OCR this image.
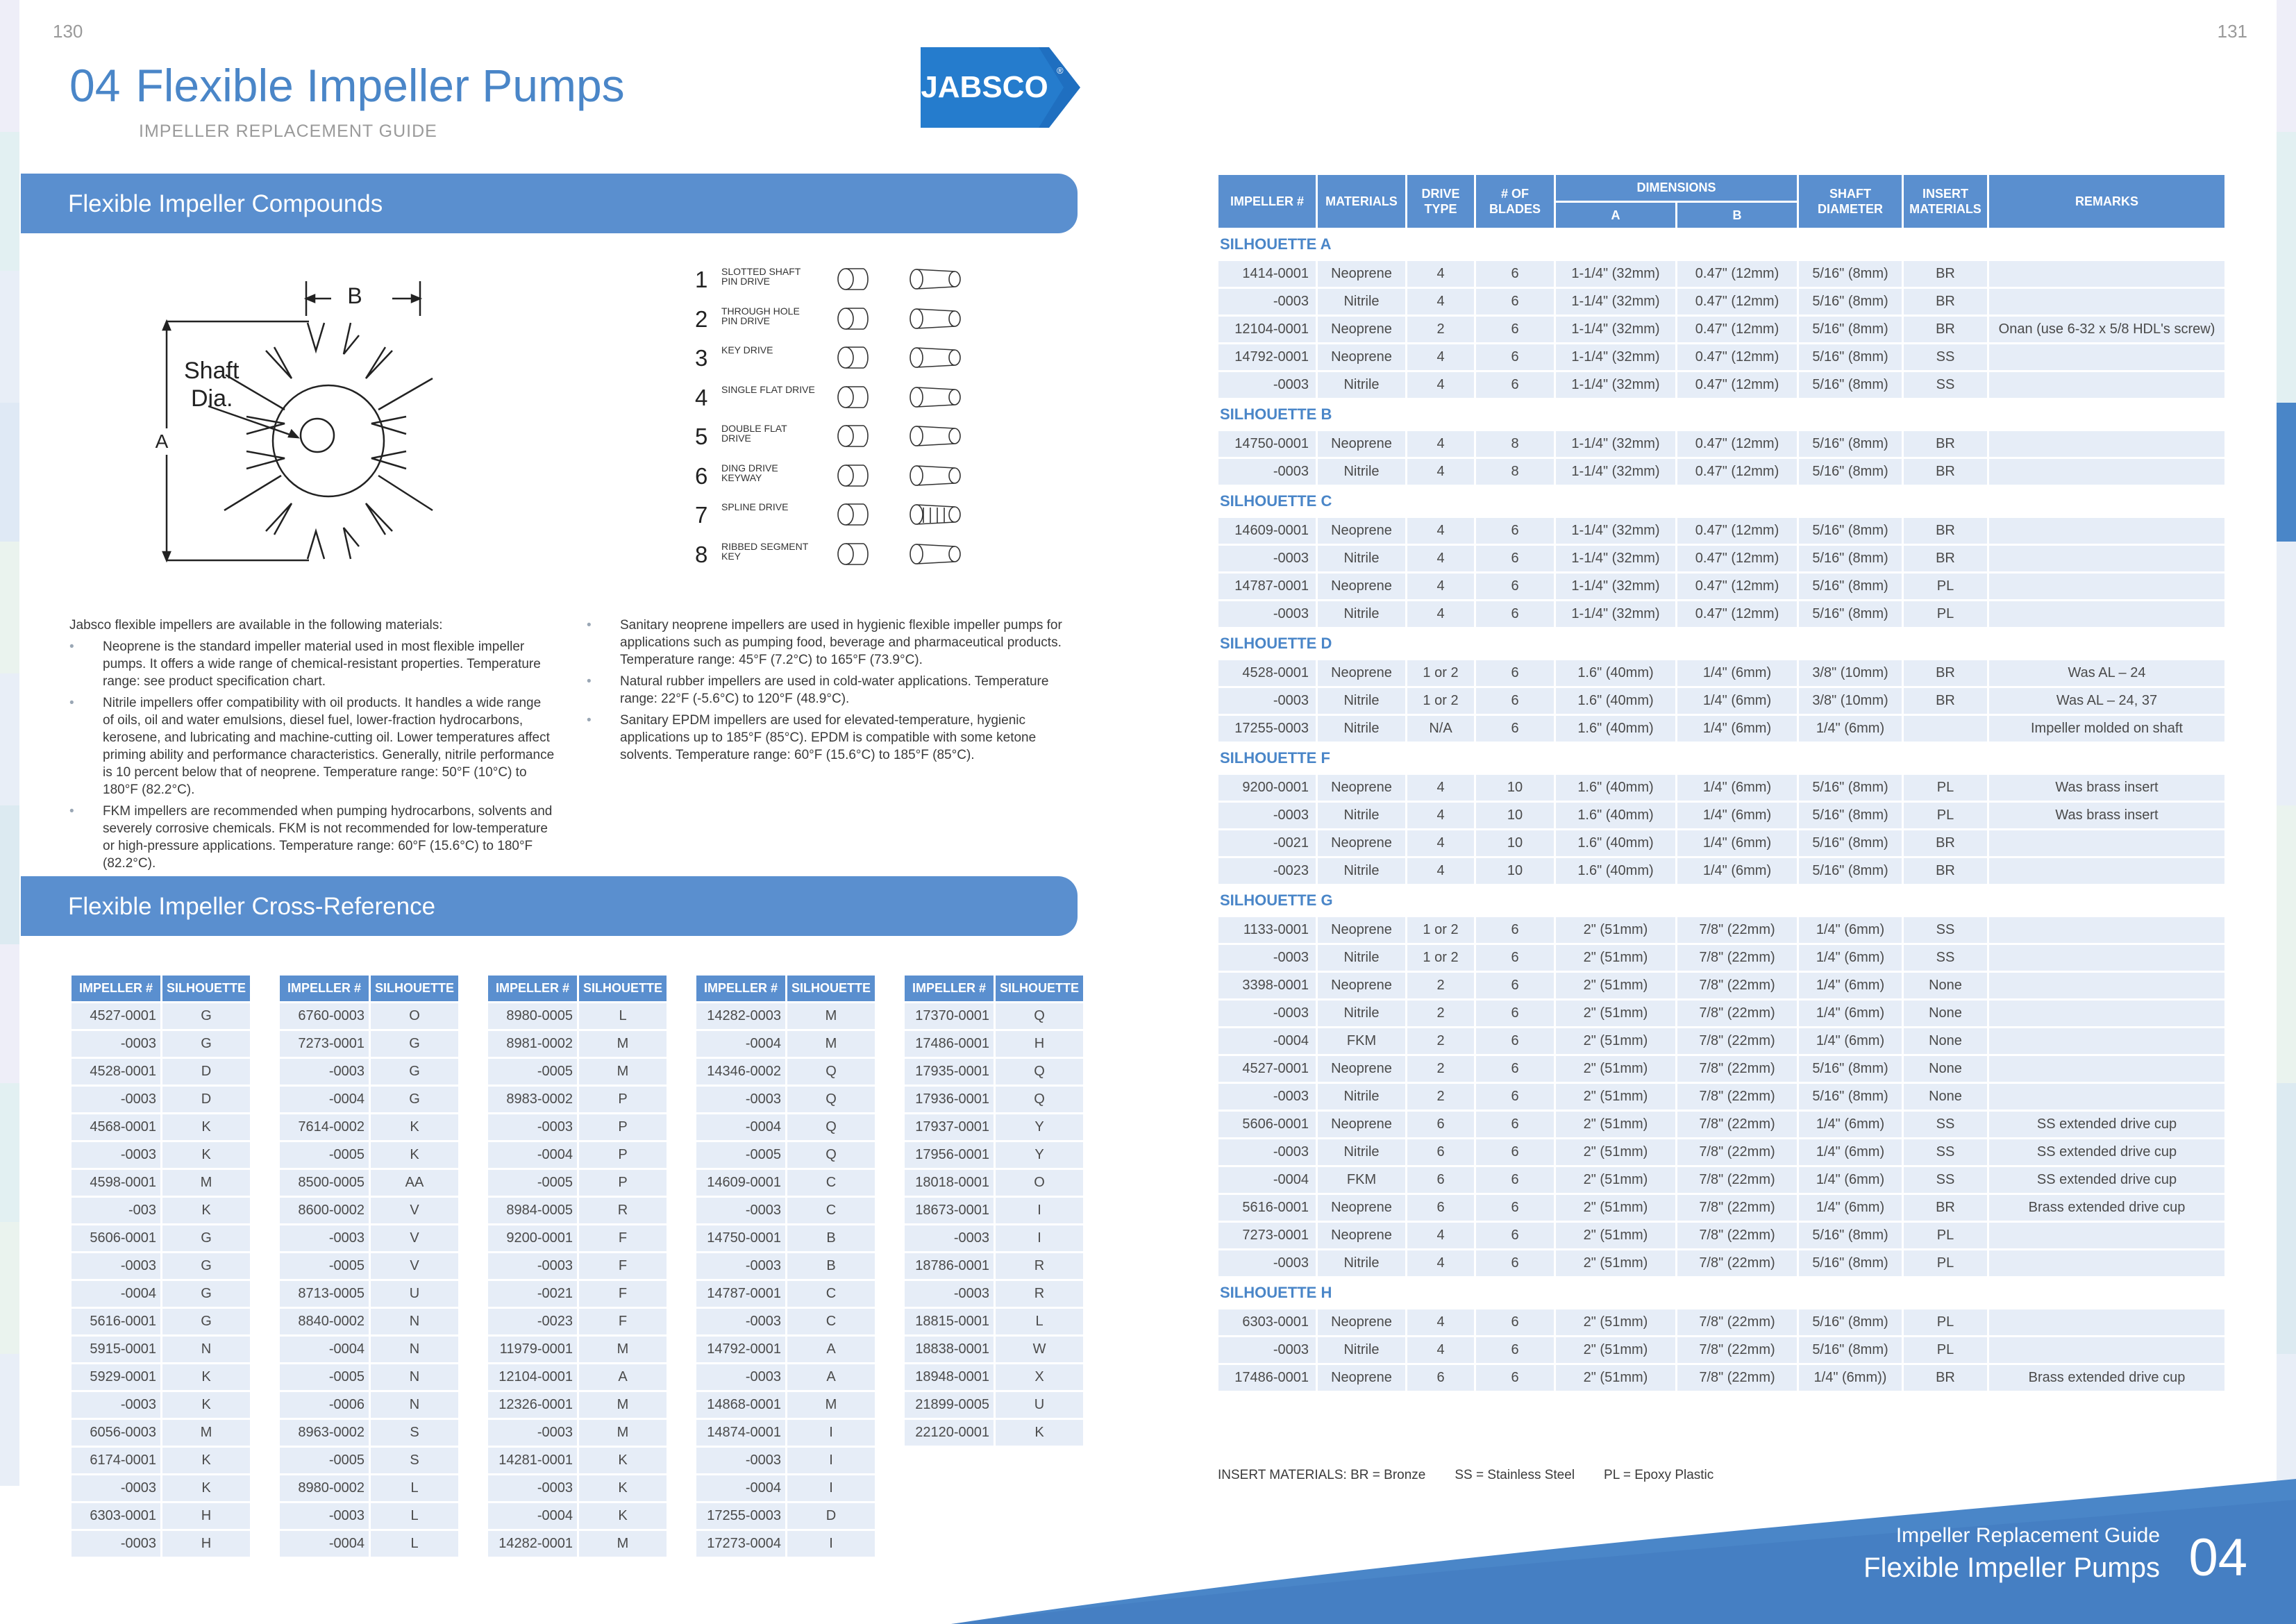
130	131
04 Flexible Impeller Pumps
IMPELLER REPLACEMENT GUIDE
JABSCO ®
Flexible Impeller Compounds
B
Shaft
Dia.
A
1 SLOTTED SHAFT PIN DRIVE
2 THROUGH HOLE PIN DRIVE
3 KEY DRIVE
4 SINGLE FLAT DRIVE
5 DOUBLE FLAT DRIVE
6 DING DRIVE KEYWAY
7 SPLINE DRIVE
8 RIBBED SEGMENT KEY

Jabsco flexible impellers are available in the following materials:

• Neoprene is the standard impeller material used in most flexible impeller pumps. It offers a wide range of chemical-resistant properties. Temperature range: see product specification chart.
• Nitrile impellers offer compatibility with oil products. It handles a wide range of oils, oil and water emulsions, diesel fuel, lower-fraction hydrocarbons, kerosene, and lubricating and machine-cutting oil. Lower temperatures affect priming ability and performance characteristics. Generally, nitrile performance is 10 percent below that of neoprene. Temperature range: 50°F (10°C) to 180°F (82.2°C).
• FKM impellers are recommended when pumping hydrocarbons, solvents and severely corrosive chemicals. FKM is not recommended for low-temperature or high-pressure applications. Temperature range: 60°F (15.6°C) to 180°F (82.2°C).
• Sanitary neoprene impellers are used in hygienic flexible impeller pumps for applications such as pumping food, beverage and pharmaceutical products. Temperature range: 45°F (7.2°C) to 165°F (73.9°C).
• Natural rubber impellers are used in cold-water applications. Temperature range: 22°F (-5.6°C) to 120°F (48.9°C).
• Sanitary EPDM impellers are used for elevated-temperature, hygienic applications up to 185°F (85°C). EPDM is compatible with some ketone solvents. Temperature range: 60°F (15.6°C) to 185°F (85°C).
Flexible Impeller Cross-Reference
IMPELLER #	SILHOUETTE
4527-0001	G
-0003	G
4528-0001	D
-0003	D
4568-0001	K
-0003	K
4598-0001	M
-003	K
5606-0001	G
-0003	G
-0004	G
5616-0001	G
5915-0001	N
5929-0001	K
-0003	K
6056-0003	M
6174-0001	K
-0003	K
6303-0001	H
-0003	H
IMPELLER #	SILHOUETTE
6760-0003	O
7273-0001	G
-0003	G
-0004	G
7614-0002	K
-0005	K
8500-0005	AA
8600-0002	V
-0003	V
-0005	V
8713-0005	U
8840-0002	N
-0004	N
-0005	N
-0006	N
8963-0002	S
-0005	S
8980-0002	L
-0003	L
-0004	L
IMPELLER #	SILHOUETTE
8980-0005	L
8981-0002	M
-0005	M
8983-0002	P
-0003	P
-0004	P
-0005	P
8984-0005	R
9200-0001	F
-0003	F
-0021	F
-0023	F
11979-0001	M
12104-0001	A
12326-0001	M
-0003	M
14281-0001	K
-0003	K
-0004	K
14282-0001	M
IMPELLER #	SILHOUETTE
14282-0003	M
-0004	M
14346-0002	Q
-0003	Q
-0004	Q
-0005	Q
14609-0001	C
-0003	C
14750-0001	B
-0003	B
14787-0001	C
-0003	C
14792-0001	A
-0003	A
14868-0001	M
14874-0001	I
-0003	I
-0004	I
17255-0003	D
17273-0004	I
IMPELLER #	SILHOUETTE
17370-0001	Q
17486-0001	H
17935-0001	Q
17936-0001	Q
17937-0001	Y
17956-0001	Y
18018-0001	O
18673-0001	I
-0003	I
18786-0001	R
-0003	R
18815-0001	L
18838-0001	W
18948-0001	X
21899-0005	U
22120-0001	K
IMPELLER #	MATERIALS	DRIVE TYPE	# OF BLADES	DIMENSIONS		SHAFT DIAMETER	INSERT MATERIALS	REMARKS
				A	B			
SILHOUETTE A								
1414-0001	Neoprene	4	6	1-1/4" (32mm)	0.47" (12mm)	5/16" (8mm)	BR	
-0003	Nitrile	4	6	1-1/4" (32mm)	0.47" (12mm)	5/16" (8mm)	BR	
12104-0001	Neoprene	2	6	1-1/4" (32mm)	0.47" (12mm)	5/16" (8mm)	BR	Onan (use 6-32 x 5/8 HDL's screw)
14792-0001	Neoprene	4	6	1-1/4" (32mm)	0.47" (12mm)	5/16" (8mm)	SS	
-0003	Nitrile	4	6	1-1/4" (32mm)	0.47" (12mm)	5/16" (8mm)	SS	
SILHOUETTE B								
14750-0001	Neoprene	4	8	1-1/4" (32mm)	0.47" (12mm)	5/16" (8mm)	BR	
-0003	Nitrile	4	8	1-1/4" (32mm)	0.47" (12mm)	5/16" (8mm)	BR	
SILHOUETTE C								
14609-0001	Neoprene	4	6	1-1/4" (32mm)	0.47" (12mm)	5/16" (8mm)	BR	
-0003	Nitrile	4	6	1-1/4" (32mm)	0.47" (12mm)	5/16" (8mm)	BR	
14787-0001	Neoprene	4	6	1-1/4" (32mm)	0.47" (12mm)	5/16" (8mm)	PL	
-0003	Nitrile	4	6	1-1/4" (32mm)	0.47" (12mm)	5/16" (8mm)	PL	
SILHOUETTE D								
4528-0001	Neoprene	1 or 2	6	1.6" (40mm)	1/4" (6mm)	3/8" (10mm)	BR	Was AL – 24
-0003	Nitrile	1 or 2	6	1.6" (40mm)	1/4" (6mm)	3/8" (10mm)	BR	Was AL – 24, 37
17255-0003	Nitrile	N/A	6	1.6" (40mm)	1/4" (6mm)	1/4" (6mm)		Impeller molded on shaft
SILHOUETTE F								
9200-0001	Neoprene	4	10	1.6" (40mm)	1/4" (6mm)	5/16" (8mm)	PL	Was brass insert
-0003	Nitrile	4	10	1.6" (40mm)	1/4" (6mm)	5/16" (8mm)	PL	Was brass insert
-0021	Neoprene	4	10	1.6" (40mm)	1/4" (6mm)	5/16" (8mm)	BR	
-0023	Nitrile	4	10	1.6" (40mm)	1/4" (6mm)	5/16" (8mm)	BR	
SILHOUETTE G								
1133-0001	Neoprene	1 or 2	6	2" (51mm)	7/8" (22mm)	1/4" (6mm)	SS	
-0003	Nitrile	1 or 2	6	2" (51mm)	7/8" (22mm)	1/4" (6mm)	SS	
3398-0001	Neoprene	2	6	2" (51mm)	7/8" (22mm)	1/4" (6mm)	None	
-0003	Nitrile	2	6	2" (51mm)	7/8" (22mm)	1/4" (6mm)	None	
-0004	FKM	2	6	2" (51mm)	7/8" (22mm)	1/4" (6mm)	None	
4527-0001	Neoprene	2	6	2" (51mm)	7/8" (22mm)	5/16" (8mm)	None	
-0003	Nitrile	2	6	2" (51mm)	7/8" (22mm)	5/16" (8mm)	None	
5606-0001	Neoprene	6	6	2" (51mm)	7/8" (22mm)	1/4" (6mm)	SS	SS extended drive cup
-0003	Nitrile	6	6	2" (51mm)	7/8" (22mm)	1/4" (6mm)	SS	SS extended drive cup
-0004	FKM	6	6	2" (51mm)	7/8" (22mm)	1/4" (6mm)	SS	SS extended drive cup
5616-0001	Neoprene	6	6	2" (51mm)	7/8" (22mm)	1/4" (6mm)	BR	Brass extended drive cup
7273-0001	Neoprene	4	6	2" (51mm)	7/8" (22mm)	5/16" (8mm)	PL	
-0003	Nitrile	4	6	2" (51mm)	7/8" (22mm)	5/16" (8mm)	PL	
SILHOUETTE H								
6303-0001	Neoprene	4	6	2" (51mm)	7/8" (22mm)	5/16" (8mm)	PL	
-0003	Nitrile	4	6	2" (51mm)	7/8" (22mm)	5/16" (8mm)	PL	
17486-0001	Neoprene	6	6	2" (51mm)	7/8" (22mm)	1/4" (6mm))	BR	Brass extended drive cup
INSERT MATERIALS: BR = Bronze SS = Stainless Steel PL = Epoxy Plastic
Impeller Replacement Guide
Flexible Impeller Pumps 04
